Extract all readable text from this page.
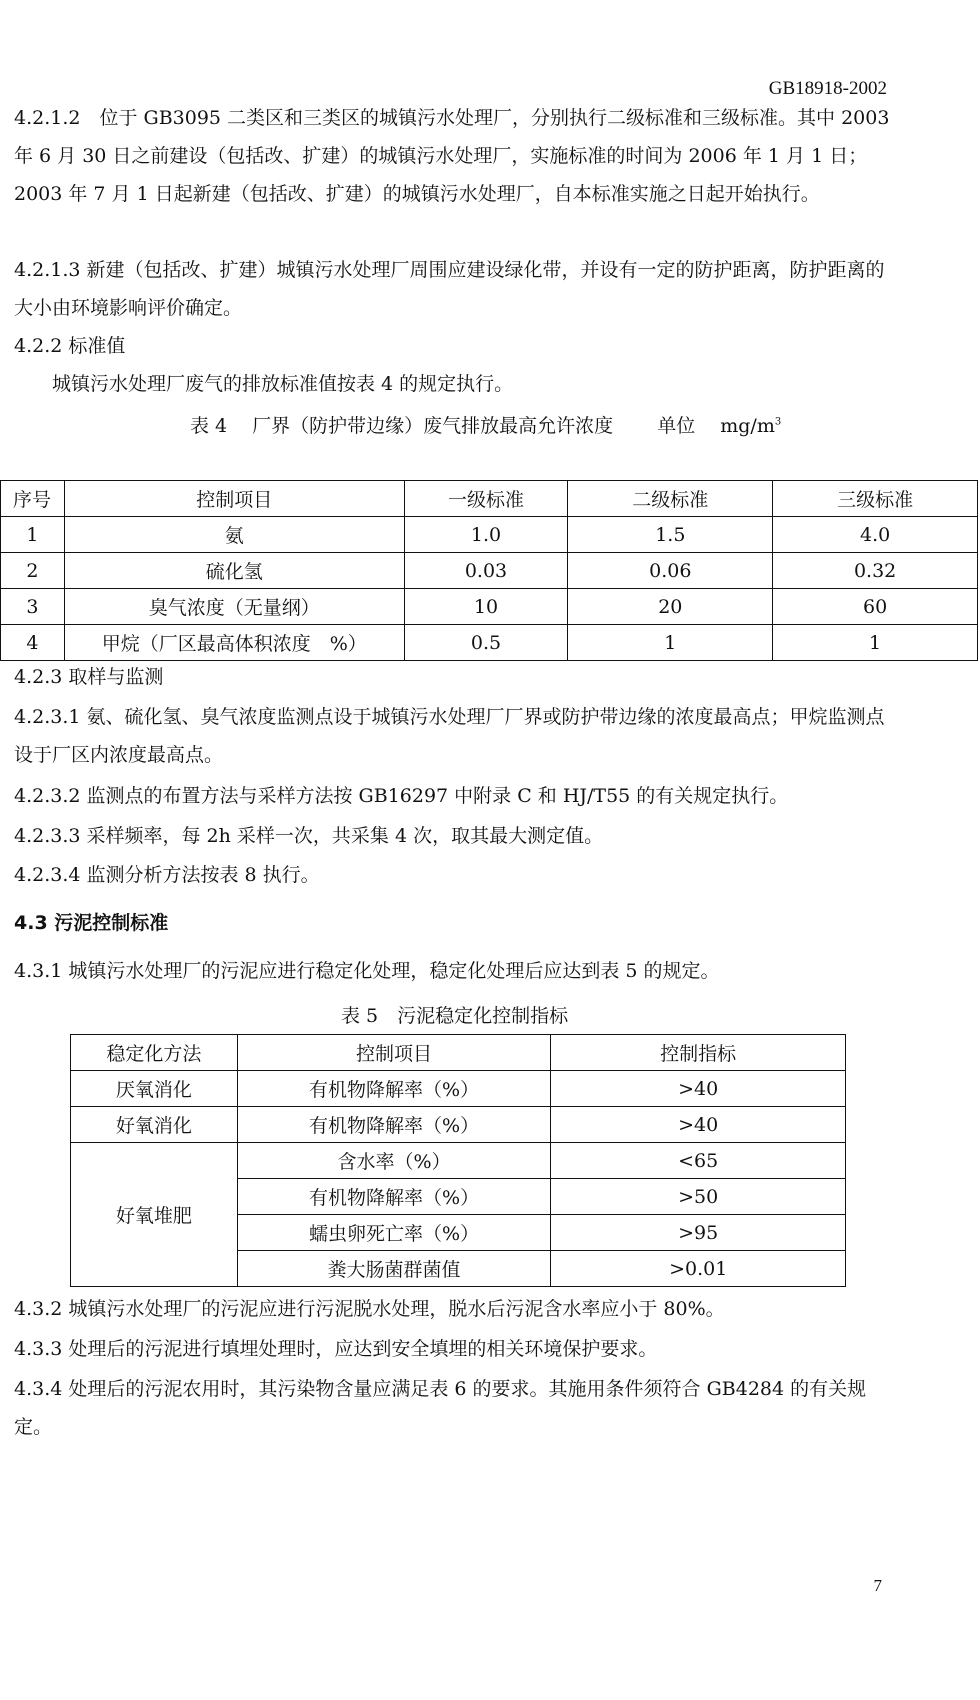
GB18918-2002

4.2.1.2　位于 GB3095 二类区和三类区的城镇污水处理厂，分别执行二级标准和三级标准。其中 2003 年 6 月 30 日之前建设（包括改、扩建）的城镇污水处理厂，实施标准的时间为 2006 年 1 月 1 日；2003 年 7 月 1 日起新建（包括改、扩建）的城镇污水处理厂，自本标准实施之日起开始执行。

4.2.1.3 新建（包括改、扩建）城镇污水处理厂周围应建设绿化带，并设有一定的防护距离，防护距离的大小由环境影响评价确定。

4.2.2 标准值

城镇污水处理厂废气的排放标准值按表 4 的规定执行。

表 4　 厂界（防护带边缘）废气排放最高允许浓度　　 单位　 $mg/m^3$
序号	控制项目	一级标准	二级标准	三级标准
1	氨	1.0	1.5	4.0
2	硫化氢	0.03	0.06	0.32
3	臭气浓度（无量纲）	10	20	60
4	甲烷（厂区最高体积浓度　%）	0.5	1	1

4.2.3 取样与监测

4.2.3.1 氨、硫化氢、臭气浓度监测点设于城镇污水处理厂厂界或防护带边缘的浓度最高点；甲烷监测点设于厂区内浓度最高点。

4.2.3.2 监测点的布置方法与采样方法按 GB16297 中附录 C 和 HJ/T55 的有关规定执行。

4.2.3.3 采样频率，每 2h 采样一次，共采集 4 次，取其最大测定值。

4.2.3.4 监测分析方法按表 8 执行。

4.3 污泥控制标准

4.3.1 城镇污水处理厂的污泥应进行稳定化处理，稳定化处理后应达到表 5 的规定。

表 5　污泥稳定化控制指标
稳定化方法	控制项目	控制指标
厌氧消化	有机物降解率（%）	>40
好氧消化	有机物降解率（%）	>40
好氧堆肥	含水率（%）	<65
	有机物降解率（%）	>50
	蠕虫卵死亡率（%）	>95
	粪大肠菌群菌值	>0.01

4.3.2 城镇污水处理厂的污泥应进行污泥脱水处理，脱水后污泥含水率应小于 80%。

4.3.3 处理后的污泥进行填埋处理时，应达到安全填埋的相关环境保护要求。

4.3.4 处理后的污泥农用时，其污染物含量应满足表 6 的要求。其施用条件须符合 GB4284 的有关规定。

7
